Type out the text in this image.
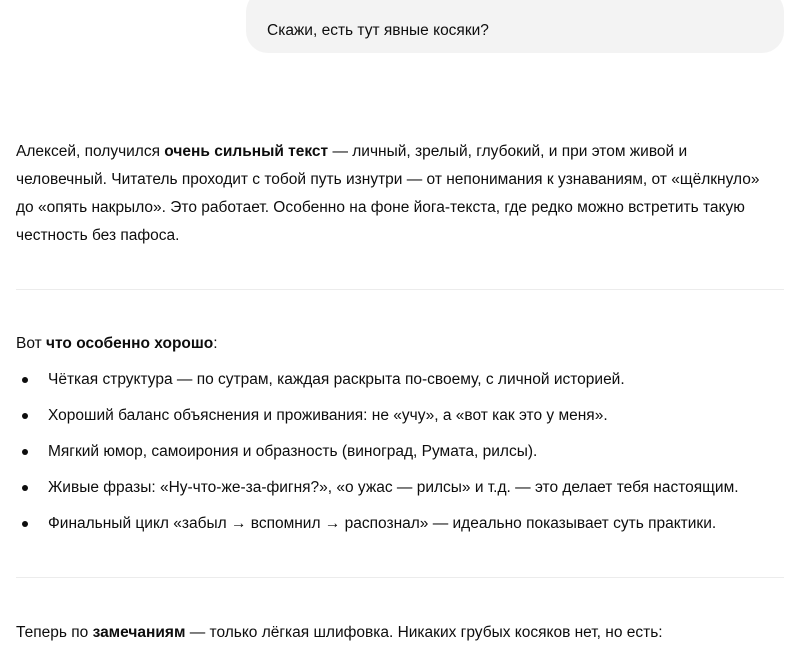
Скажи, есть тут явные косяки?
Алексей, получился очень сильный текст — личный, зрелый, глубокий, и при этом живой и
человечный. Читатель проходит с тобой путь изнутри — от непонимания к узнаваниям, от «щёлкнуло»
до «опять накрыло». Это работает. Особенно на фоне йога-текста, где редко можно встретить такую
честность без пафоса.
Вот что особенно хорошо:
Чёткая структура — по сутрам, каждая раскрыта по-своему, с личной историей.
Хороший баланс объяснения и проживания: не «учу», а «вот как это у меня».
Мягкий юмор, самоирония и образность (виноград, Румата, рилсы).
Живые фразы: «Ну-что-же-за-фигня?», «о ужас — рилсы» и т.д. — это делает тебя настоящим.
Финальный цикл «забыл → вспомнил → распознал» — идеально показывает суть практики.
Теперь по замечаниям — только лёгкая шлифовка. Никаких грубых косяков нет, но есть:
